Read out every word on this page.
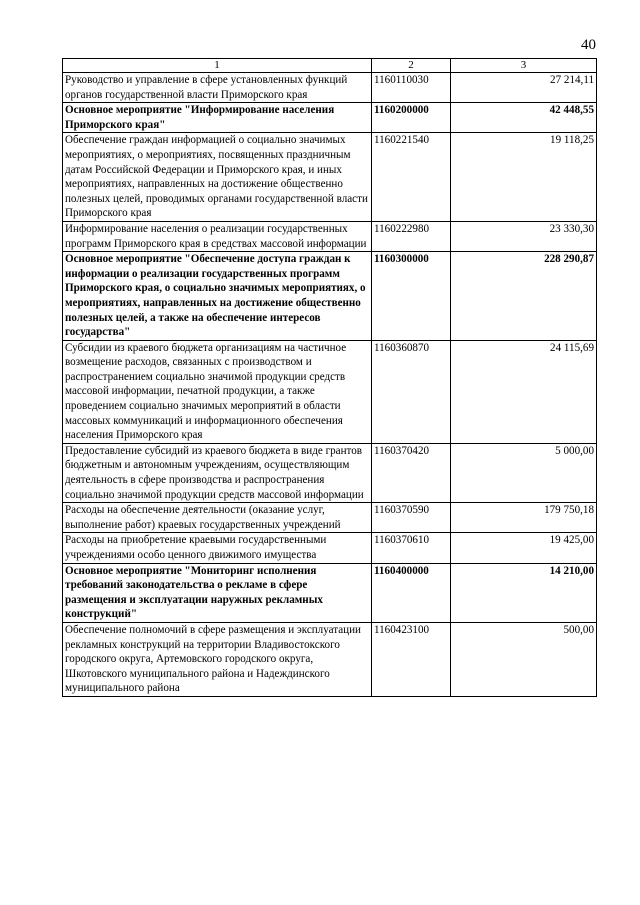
40
1	2	3
Руководство и управление в сфере установленных функций органов государственной власти Приморского края	1160110030	27 214,11
Основное мероприятие "Информирование населения Приморского края"	1160200000	42 448,55
Обеспечение граждан информацией о социально значимых мероприятиях, о мероприятиях, посвященных праздничным датам Российской Федерации и Приморского края, и иных мероприятиях, направленных на достижение общественно полезных целей, проводимых органами государственной власти Приморского края	1160221540	19 118,25
Информирование населения о реализации государственных программ Приморского края в средствах массовой информации	1160222980	23 330,30
Основное мероприятие "Обеспечение доступа граждан к информации о реализации государственных программ Приморского края, о социально значимых мероприятиях, о мероприятиях, направленных на достижение общественно полезных целей, а также на обеспечение интересов государства"	1160300000	228 290,87
Субсидии из краевого бюджета организациям на частичное возмещение расходов, связанных с производством и распространением социально значимой продукции средств массовой информации, печатной продукции, а также проведением социально значимых мероприятий в области массовых коммуникаций и информационного обеспечения населения Приморского края	1160360870	24 115,69
Предоставление субсидий из краевого бюджета в виде грантов бюджетным и автономным учреждениям, осуществляющим деятельность в сфере производства и распространения социально значимой продукции средств массовой информации	1160370420	5 000,00
Расходы на обеспечение деятельности (оказание услуг, выполнение работ) краевых государственных учреждений	1160370590	179 750,18
Расходы на приобретение краевыми государственными учреждениями особо ценного движимого имущества	1160370610	19 425,00
Основное мероприятие "Мониторинг исполнения требований законодательства о рекламе в сфере размещения и эксплуатации наружных рекламных конструкций"	1160400000	14 210,00
Обеспечение полномочий в сфере размещения и эксплуатации рекламных конструкций на территории Владивостокского городского округа, Артемовского городского округа, Шкотовского муниципального района и Надеждинского муниципального района	1160423100	500,00
